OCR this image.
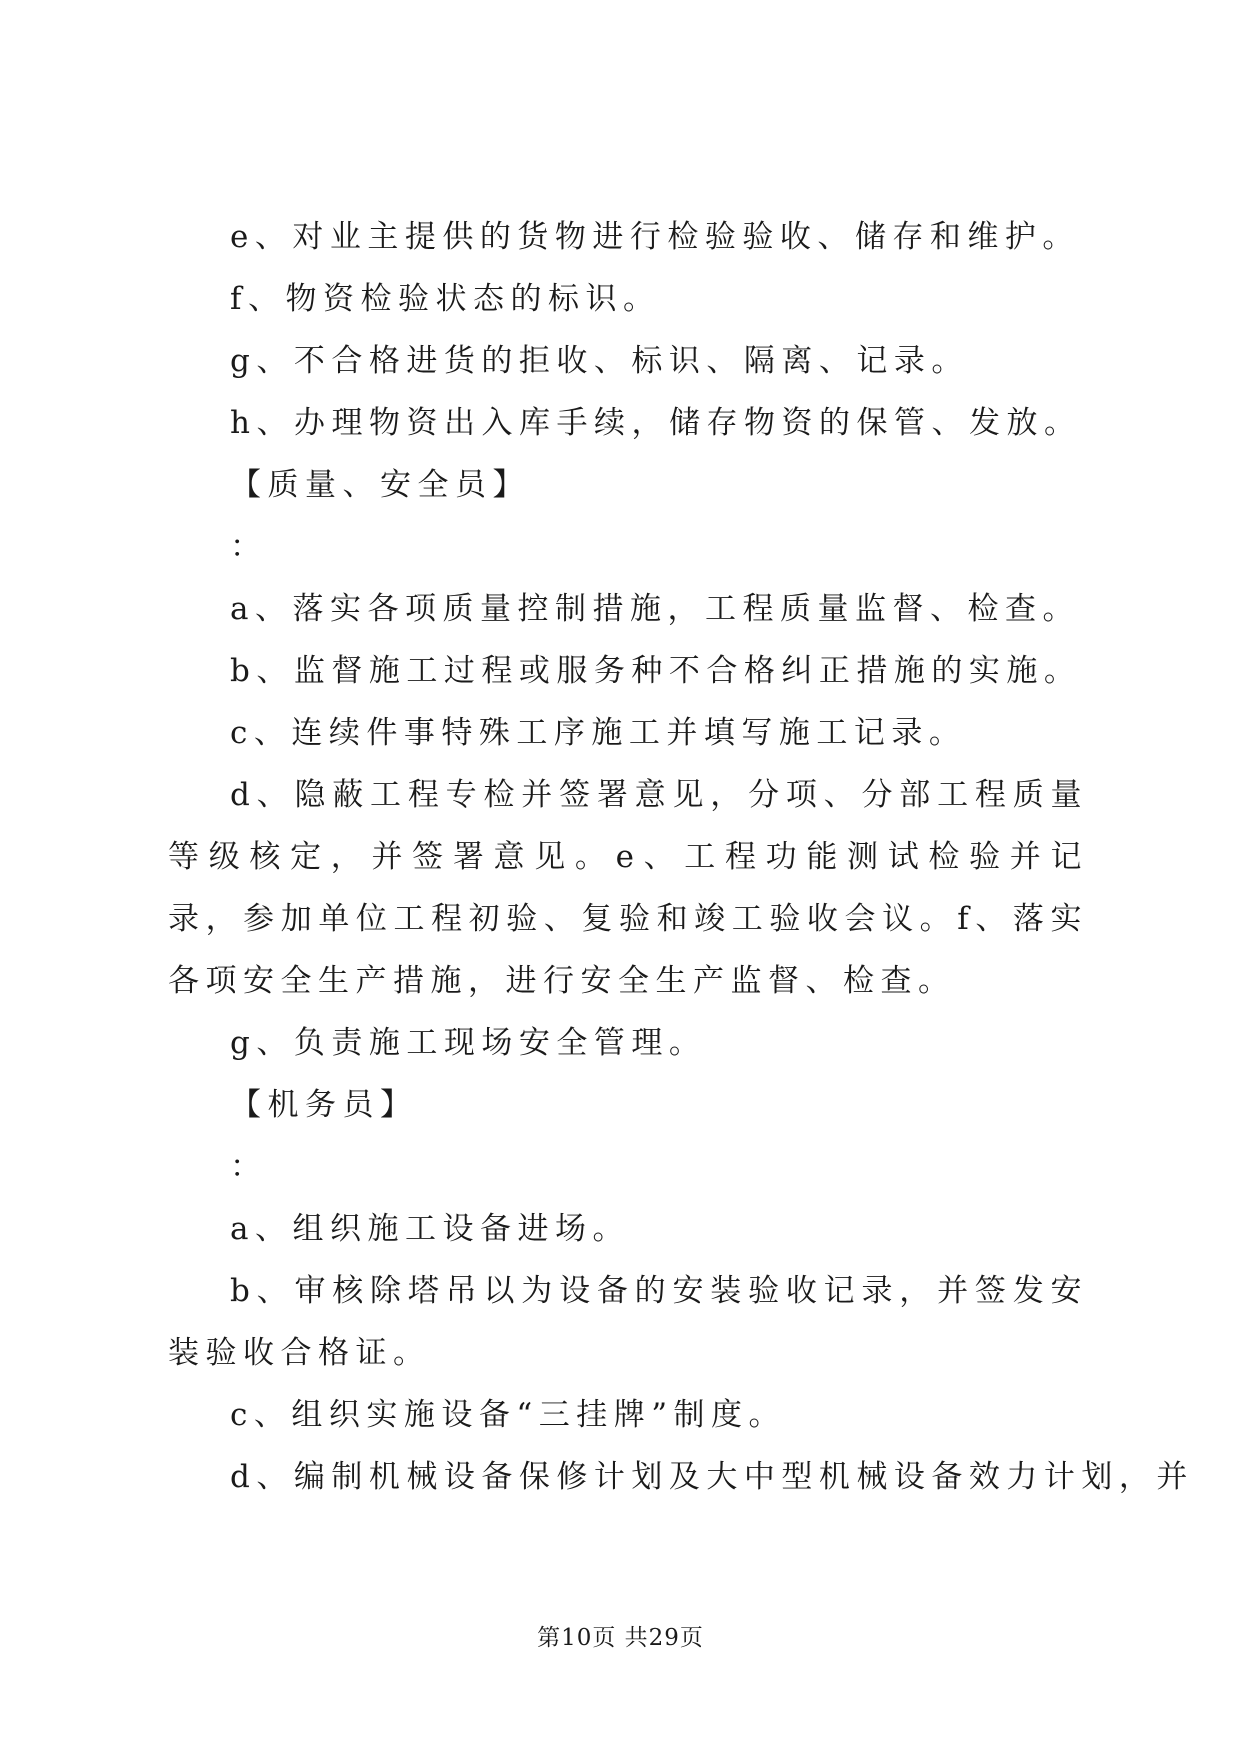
e、对业主提供的货物进行检验验收、储存和维护。

f、物资检验状态的标识。

g、不合格进货的拒收、标识、隔离、记录。

h、办理物资出入库手续，储存物资的保管、发放。

【质量、安全员】

：

a、落实各项质量控制措施，工程质量监督、检查。

b、监督施工过程或服务种不合格纠正措施的实施。

c、连续件事特殊工序施工并填写施工记录。

d、隐蔽工程专检并签署意见，分项、分部工程质量等级核定，并签署意见。e、工程功能测试检验并记录，参加单位工程初验、复验和竣工验收会议。f、落实各项安全生产措施，进行安全生产监督、检查。

g、负责施工现场安全管理。

【机务员】

：

a、组织施工设备进场。

b、审核除塔吊以为设备的安装验收记录，并签发安装验收合格证。

c、组织实施设备“三挂牌”制度。

d、编制机械设备保修计划及大中型机械设备效力计划，并

第10页 共29页
